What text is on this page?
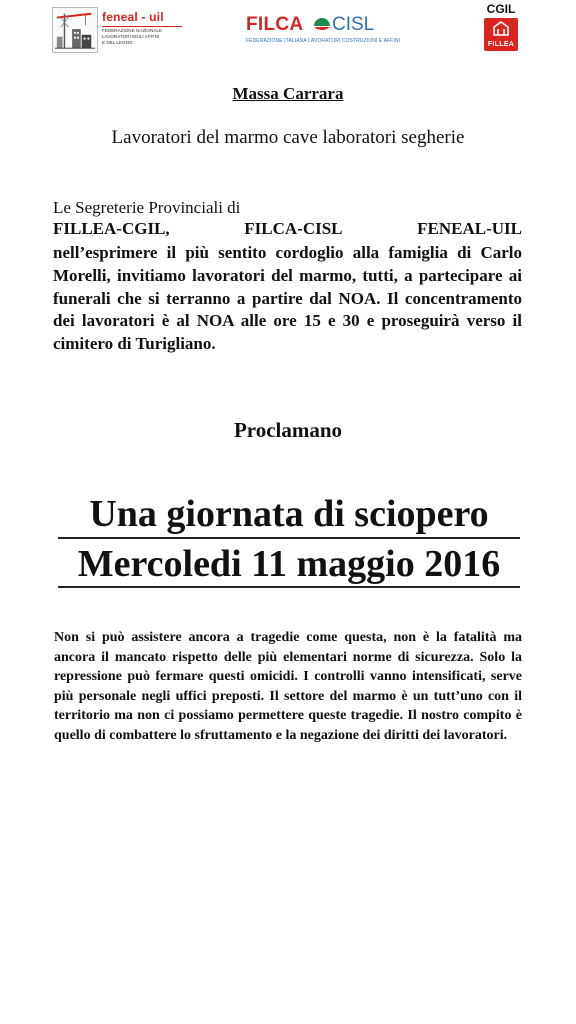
feneal - uil
FEDERAZIONE NAZIONALE
LAVORATORI EDILI AFFINI
E DEL LEGNO
FILCA CISL
FEDERAZIONE ITALIANA LAVORATORI COSTRUZIONI E AFFINI
CGIL
FILLEA
Massa Carrara
Lavoratori del marmo cave laboratori segherie
Le Segreterie Provinciali di
FILLEA-CGIL,	FILCA-CISL	FENEAL-UIL
nell’esprimere il più sentito cordoglio alla famiglia di Carlo Morelli, invitiamo lavoratori del marmo, tutti, a partecipare ai funerali che si terranno a partire dal NOA. Il concentramento dei lavoratori è al NOA alle ore 15 e 30 e proseguirà verso il cimitero di Turigliano.
Proclamano
Una giornata di sciopero
Mercoledi 11 maggio 2016
Non si può assistere ancora a tragedie come questa, non è la fatalità ma ancora il mancato rispetto delle più elementari norme di sicurezza. Solo la repressione può fermare questi omicidi. I controlli vanno intensificati, serve più personale negli uffici preposti. Il settore del marmo è un tutt’uno con il territorio ma non ci possiamo permettere queste tragedie. Il nostro compito è quello di combattere lo sfruttamento e la negazione dei diritti dei lavoratori.
